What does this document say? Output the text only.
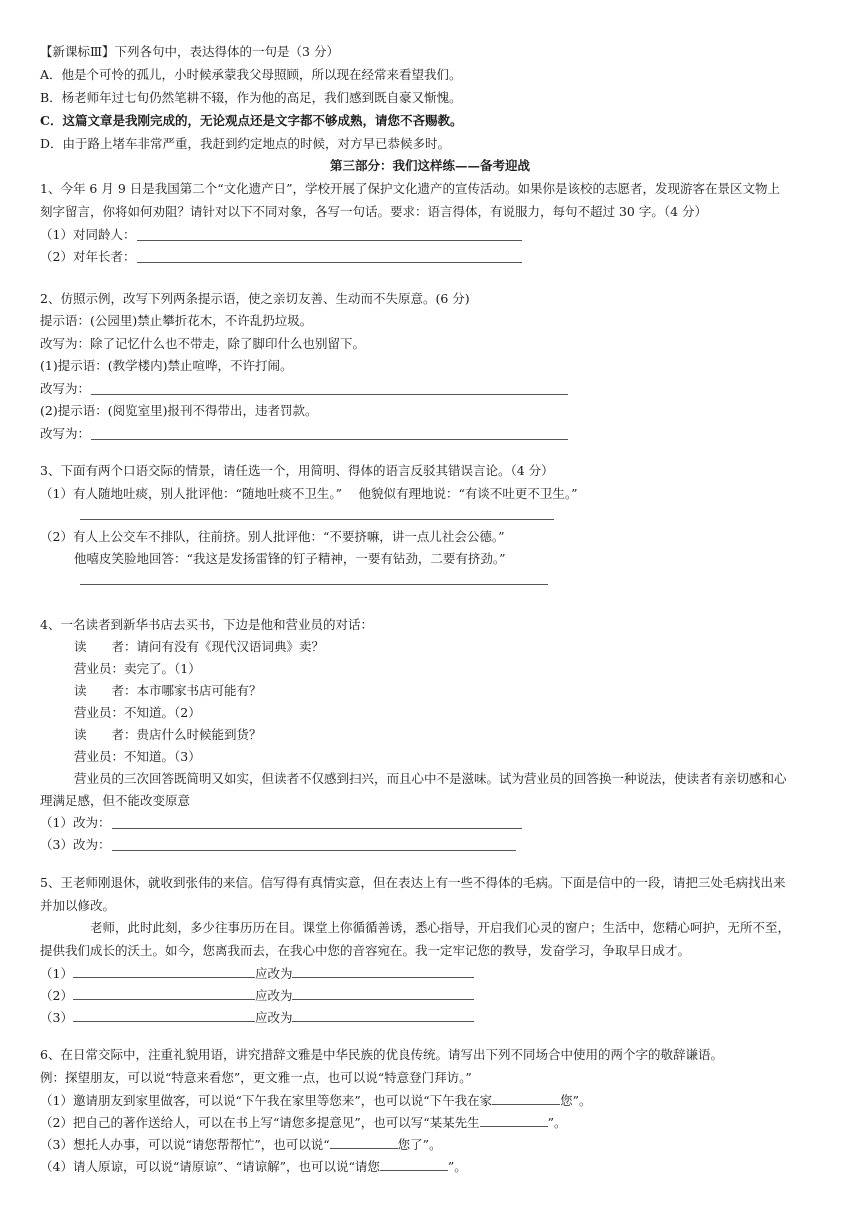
【新课标Ⅲ】下列各句中，表达得体的一句是（3 分）
A．他是个可怜的孤儿，小时候承蒙我父母照顾，所以现在经常来看望我们。
B．杨老师年过七旬仍然笔耕不辍，作为他的高足，我们感到既自豪又惭愧。
C．这篇文章是我刚完成的，无论观点还是文字都不够成熟，请您不吝赐教。
D．由于路上堵车非常严重，我赶到约定地点的时候，对方早已恭候多时。
第三部分：我们这样练——备考迎战
1、今年 6 月 9 日是我国第二个“文化遗产日”，学校开展了保护文化遗产的宣传活动。如果你是该校的志愿者，发现游客在景区文物上
刻字留言，你将如何劝阻？请针对以下不同对象，各写一句话。要求：语言得体，有说服力，每句不超过 30 字。（4 分）
（1）对同龄人：
（2）对年长者：
2、仿照示例，改写下列两条提示语，使之亲切友善、生动而不失原意。(6 分)
提示语：(公园里)禁止攀折花木，不许乱扔垃圾。
改写为：除了记忆什么也不带走，除了脚印什么也别留下。
(1)提示语：(教学楼内)禁止喧哗，不许打闹。
改写为：
(2)提示语：(阅览室里)报刊不得带出，违者罚款。
改写为：
3、下面有两个口语交际的情景，请任选一个，用简明、得体的语言反驳其错误言论。（4 分）
（1）有人随地吐痰，别人批评他：“随地吐痰不卫生。”　 他貌似有理地说：“有谈不吐更不卫生。”
（2）有人上公交车不排队，往前挤。别人批评他：“不要挤嘛，讲一点儿社会公德。”
他嘻皮笑脸地回答：“我这是发扬雷锋的钉子精神，一要有钻劲，二要有挤劲。”
4、一名读者到新华书店去买书，下边是他和营业员的对话：
读　　者：请问有没有《现代汉语词典》卖？
营业员：卖完了。（1）
读　　者：本市哪家书店可能有？
营业员：不知道。（2）
读　　者：贵店什么时候能到货？
营业员：不知道。（3）
营业员的三次回答既简明又如实，但读者不仅感到扫兴，而且心中不是滋味。试为营业员的回答换一种说法，使读者有亲切感和心
理满足感，但不能改变原意
（1）改为：
（3）改为：
5、王老师刚退休，就收到张伟的来信。信写得有真情实意，但在表达上有一些不得体的毛病。下面是信中的一段，请把三处毛病找出来
并加以修改。
老师，此时此刻，多少往事历历在目。课堂上你循循善诱，悉心指导，开启我们心灵的窗户；生活中，您精心呵护，无所不至，
提供我们成长的沃土。如今，您离我而去，在我心中您的音容宛在。我一定牢记您的教导，发奋学习，争取早日成才。
（1）	应改为
（2）	应改为
（3）	应改为
6、在日常交际中，注重礼貌用语，讲究措辞文雅是中华民族的优良传统。请写出下列不同场合中使用的两个字的敬辞谦语。
例：探望朋友，可以说“特意来看您”，更文雅一点，也可以说“特意登门拜访。”
（1）邀请朋友到家里做客，可以说“下午我在家里等您来”，也可以说“下午我在家	您”。
（2）把自己的著作送给人，可以在书上写“请您多提意见”，也可以写“某某先生	”。
（3）想托人办事，可以说“请您帮帮忙”，也可以说“	您了”。
（4）请人原谅，可以说“请原谅”、“请谅解”，也可以说“请您	”。
